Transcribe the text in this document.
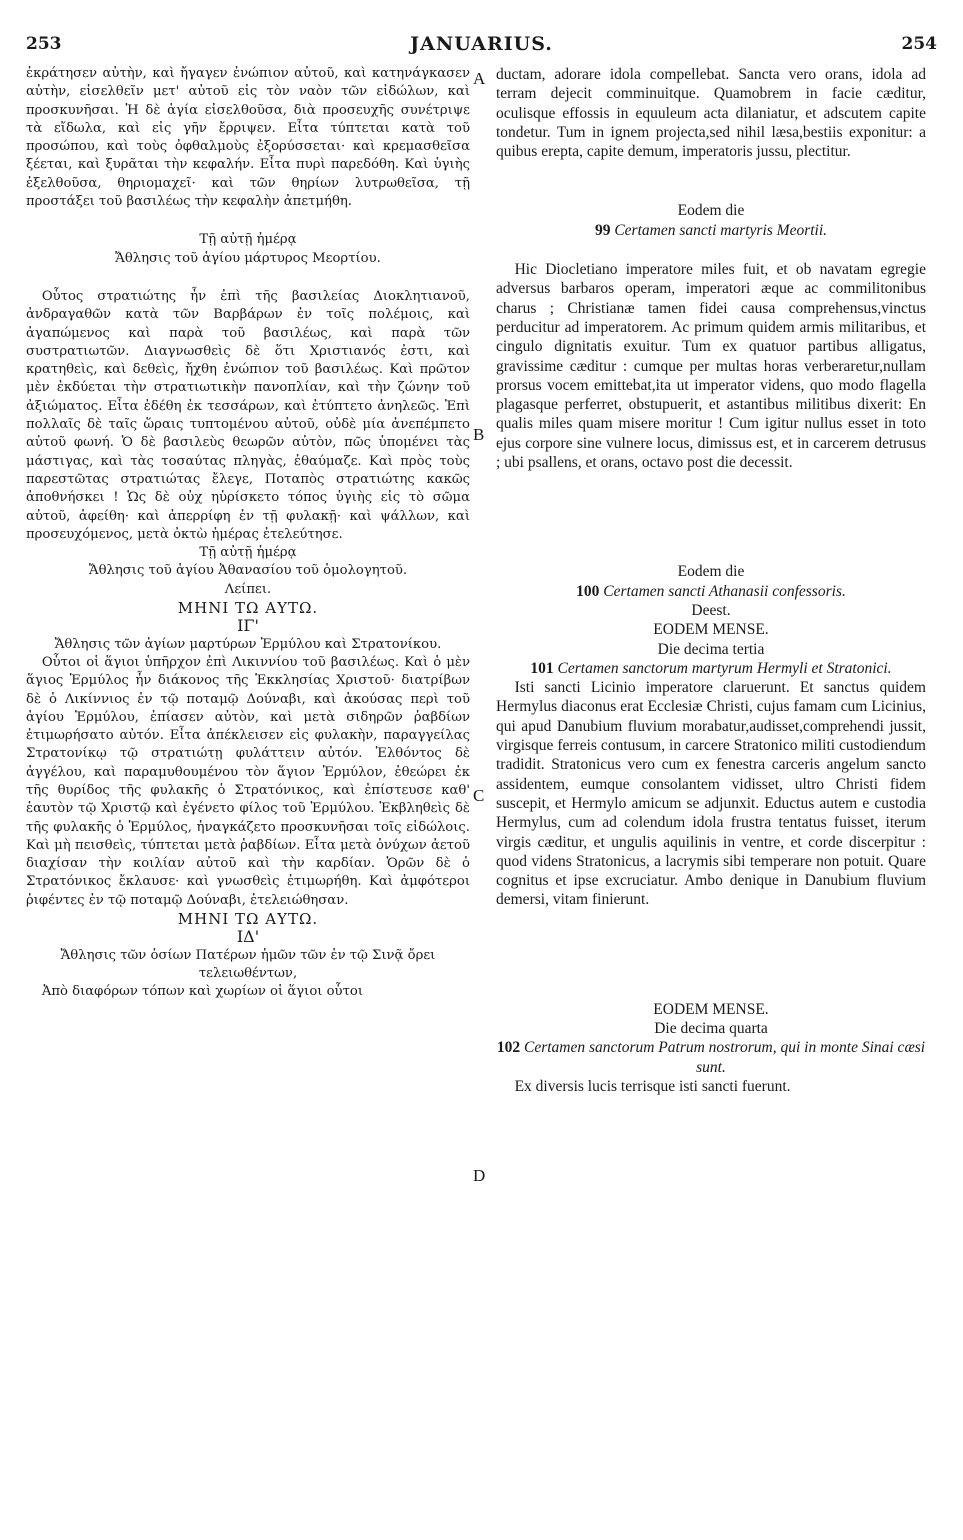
253	JANUARIUS.	254
A
B
C
D

ἐκράτησεν αὐτὴν, καὶ ἤγαγεν ἐνώπιον αὐτοῦ, καὶ κατηνάγκασεν αὐτὴν, εἰσελθεῖν μετ' αὐτοῦ εἰς τὸν ναὸν τῶν εἰδώλων, καὶ προσκυνῆσαι. Ἡ δὲ ἁγία εἰσελθοῦσα, διὰ προσευχῆς συνέτριψε τὰ εἴδωλα, καὶ εἰς γῆν ἔρριψεν. Εἶτα τύπτεται κατὰ τοῦ προσώπου, καὶ τοὺς ὀφθαλμοὺς ἐξορύσσεται· καὶ κρεμασθεῖσα ξέεται, καὶ ξυρᾶται τὴν κεφαλήν. Εἶτα πυρὶ παρεδόθη. Καὶ ὑγιὴς ἐξελθοῦσα, θηριομαχεῖ· καὶ τῶν θηρίων λυτρωθεῖσα, τῇ προστάξει τοῦ βασιλέως τὴν κεφαλὴν ἀπετμήθη.

Τῇ αὐτῇ ἡμέρᾳ

Ἄθλησις τοῦ ἁγίου μάρτυρος Μεορτίου.

Οὗτος στρατιώτης ἦν ἐπὶ τῆς βασιλείας Διοκλητιανοῦ, ἀνδραγαθῶν κατὰ τῶν Βαρβάρων ἐν τοῖς πολέμοις, καὶ ἀγαπώμενος καὶ παρὰ τοῦ βασιλέως, καὶ παρὰ τῶν συστρατιωτῶν. Διαγνωσθεὶς δὲ ὅτι Χριστιανός ἐστι, καὶ κρατηθεὶς, καὶ δεθεὶς, ἤχθη ἐνώπιον τοῦ βασιλέως. Καὶ πρῶτον μὲν ἐκδύεται τὴν στρατιωτικὴν πανοπλίαν, καὶ τὴν ζώνην τοῦ ἀξιώματος. Εἶτα ἐδέθη ἐκ τεσσάρων, καὶ ἐτύπτετο ἀνηλεῶς. Ἐπὶ πολλαῖς δὲ ταῖς ὥραις τυπτομένου αὐτοῦ, οὐδὲ μία ἀνεπέμπετο αὐτοῦ φωνή. Ὁ δὲ βασιλεὺς θεωρῶν αὐτὸν, πῶς ὑπομένει τὰς μάστιγας, καὶ τὰς τοσαύτας πληγὰς, ἐθαύμαζε. Καὶ πρὸς τοὺς παρεστῶτας στρατιώτας ἔλεγε, Ποταπὸς στρατιώτης κακῶς ἀποθνήσκει ! Ὡς δὲ οὐχ ηὑρίσκετο τόπος ὑγιὴς εἰς τὸ σῶμα αὐτοῦ, ἀφείθη· καὶ ἀπερρίφη ἐν τῇ φυλακῇ· καὶ ψάλλων, καὶ προσευχόμενος, μετὰ ὀκτὼ ἡμέρας ἐτελεύτησε.

Τῇ αὐτῇ ἡμέρᾳ

Ἄθλησις τοῦ ἁγίου Ἀθανασίου τοῦ ὁμολογητοῦ.

Λείπει.

ΜΗΝΙ ΤΩ ΑΥΤΩ.

ΙΓ'

Ἄθλησις τῶν ἁγίων μαρτύρων Ἑρμύλου καὶ Στρατονίκου.

Οὗτοι οἱ ἅγιοι ὑπῆρχον ἐπὶ Λικιννίου τοῦ βασιλέως. Καὶ ὁ μὲν ἅγιος Ἑρμύλος ἦν διάκονος τῆς Ἐκκλησίας Χριστοῦ· διατρίβων δὲ ὁ Λικίννιος ἐν τῷ ποταμῷ Δούναβι, καὶ ἀκούσας περὶ τοῦ ἁγίου Ἑρμύλου, ἐπίασεν αὐτὸν, καὶ μετὰ σιδηρῶν ῥαβδίων ἐτιμωρήσατο αὐτόν. Εἶτα ἀπέκλεισεν εἰς φυλακὴν, παραγγείλας Στρατονίκῳ τῷ στρατιώτῃ φυλάττειν αὐτόν. Ἐλθόντος δὲ ἀγγέλου, καὶ παραμυθουμένου τὸν ἅγιον Ἑρμύλον, ἐθεώρει ἐκ τῆς θυρίδος τῆς φυλακῆς ὁ Στρατόνικος, καὶ ἐπίστευσε καθ' ἑαυτὸν τῷ Χριστῷ καὶ ἐγένετο φίλος τοῦ Ἑρμύλου. Ἐκβληθεὶς δὲ τῆς φυλακῆς ὁ Ἑρμύλος, ἠναγκάζετο προσκυνῆσαι τοῖς εἰδώλοις. Καὶ μὴ πεισθεὶς, τύπτεται μετὰ ῥαβδίων. Εἶτα μετὰ ὀνύχων ἀετοῦ διαχίσαν τὴν κοιλίαν αὐτοῦ καὶ τὴν καρδίαν. Ὁρῶν δὲ ὁ Στρατόνικος ἔκλαυσε· καὶ γνωσθεὶς ἐτιμωρήθη. Καὶ ἀμφότεροι ῥιφέντες ἐν τῷ ποταμῷ Δούναβι, ἐτελειώθησαν.

ΜΗΝΙ ΤΩ ΑΥΤΩ.

ΙΔ'

Ἄθλησις τῶν ὁσίων Πατέρων ἡμῶν τῶν ἐν τῷ Σινᾷ ὄρει τελειωθέντων,

Ἀπὸ διαφόρων τόπων καὶ χωρίων οἱ ἅγιοι οὗτοι

ductam, adorare idola compellebat. Sancta vero orans, idola ad terram dejecit comminuitque. Quamobrem in facie cæditur, oculisque effossis in equuleum acta dilaniatur, et adscutem capite tondetur. Tum in ignem projecta,sed nihil læsa,bestiis exponitur: a quibus erepta, capite demum, imperatoris jussu, plectitur.

Eodem die

99 Certamen sancti martyris Meortii.

Hic Diocletiano imperatore miles fuit, et ob navatam egregie adversus barbaros operam, imperatori æque ac commilitonibus charus ; Christianæ tamen fidei causa comprehensus,vinctus perducitur ad imperatorem. Ac primum quidem armis militaribus, et cingulo dignitatis exuitur. Tum ex quatuor partibus alligatus, gravissime cæditur : cumque per multas horas verberaretur,nullam prorsus vocem emittebat,ita ut imperator videns, quo modo flagella plagasque perferret, obstupuerit, et astantibus militibus dixerit: En qualis miles quam misere moritur ! Cum igitur nullus esset in toto ejus corpore sine vulnere locus, dimissus est, et in carcerem detrusus ; ubi psallens, et orans, octavo post die decessit.

Eodem die

100 Certamen sancti Athanasii confessoris.

Deest.

EODEM MENSE.

Die decima tertia

101 Certamen sanctorum martyrum Hermyli et Stratonici.

Isti sancti Licinio imperatore claruerunt. Et sanctus quidem Hermylus diaconus erat Ecclesiæ Christi, cujus famam cum Licinius, qui apud Danubium fluvium morabatur,audisset,comprehendi jussit, virgisque ferreis contusum, in carcere Stratonico militi custodiendum tradidit. Stratonicus vero cum ex fenestra carceris angelum sancto assidentem, eumque consolantem vidisset, ultro Christi fidem suscepit, et Hermylo amicum se adjunxit. Eductus autem e custodia Hermylus, cum ad colendum idola frustra tentatus fuisset, iterum virgis cæditur, et ungulis aquilinis in ventre, et corde discerpitur : quod videns Stratonicus, a lacrymis sibi temperare non potuit. Quare cognitus et ipse excruciatur. Ambo denique in Danubium fluvium demersi, vitam finierunt.

EODEM MENSE.

Die decima quarta

102 Certamen sanctorum Patrum nostrorum, qui in monte Sinai cæsi sunt.

Ex diversis lucis terrisque isti sancti fuerunt.
